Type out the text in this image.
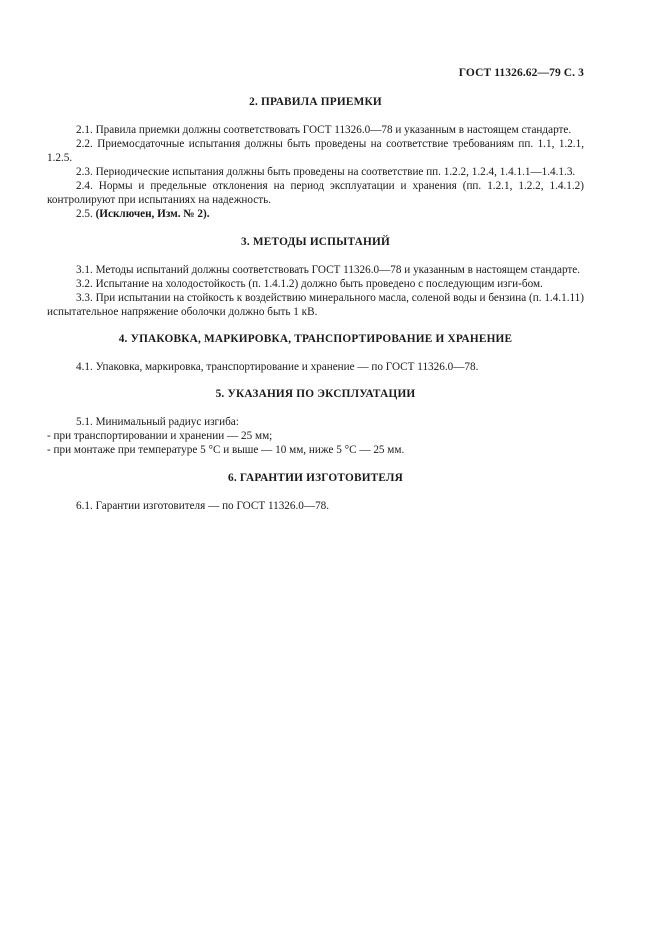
ГОСТ 11326.62—79 С. 3
2. ПРАВИЛА ПРИЕМКИ

2.1. Правила приемки должны соответствовать ГОСТ 11326.0—78 и указанным в настоящем стандарте.

2.2. Приемосдаточные испытания должны быть проведены на соответствие требованиям пп. 1.1, 1.2.1, 1.2.5.

2.3. Периодические испытания должны быть проведены на соответствие пп. 1.2.2, 1.2.4, 1.4.1.1—1.4.1.3.

2.4. Нормы и предельные отклонения на период эксплуатации и хранения (пп. 1.2.1, 1.2.2, 1.4.1.2) контролируют при испытаниях на надежность.

2.5. (Исключен, Изм. № 2).

3. МЕТОДЫ ИСПЫТАНИЙ

3.1. Методы испытаний должны соответствовать ГОСТ 11326.0—78 и указанным в настоящем стандарте.

3.2. Испытание на холодостойкость (п. 1.4.1.2) должно быть проведено с последующим изги-бом.

3.3. При испытании на стойкость к воздействию минерального масла, соленой воды и бензина (п. 1.4.1.11) испытательное напряжение оболочки должно быть 1 кВ.

4. УПАКОВКА, МАРКИРОВКА, ТРАНСПОРТИРОВАНИЕ И ХРАНЕНИЕ

4.1. Упаковка, маркировка, транспортирование и хранение — по ГОСТ 11326.0—78.

5. УКАЗАНИЯ ПО ЭКСПЛУАТАЦИИ

5.1. Минимальный радиус изгиба:

- при транспортировании и хранении — 25 мм;

- при монтаже при температуре 5 °С и выше — 10 мм, ниже 5 °С — 25 мм.

6. ГАРАНТИИ ИЗГОТОВИТЕЛЯ

6.1. Гарантии изготовителя — по ГОСТ 11326.0—78.
